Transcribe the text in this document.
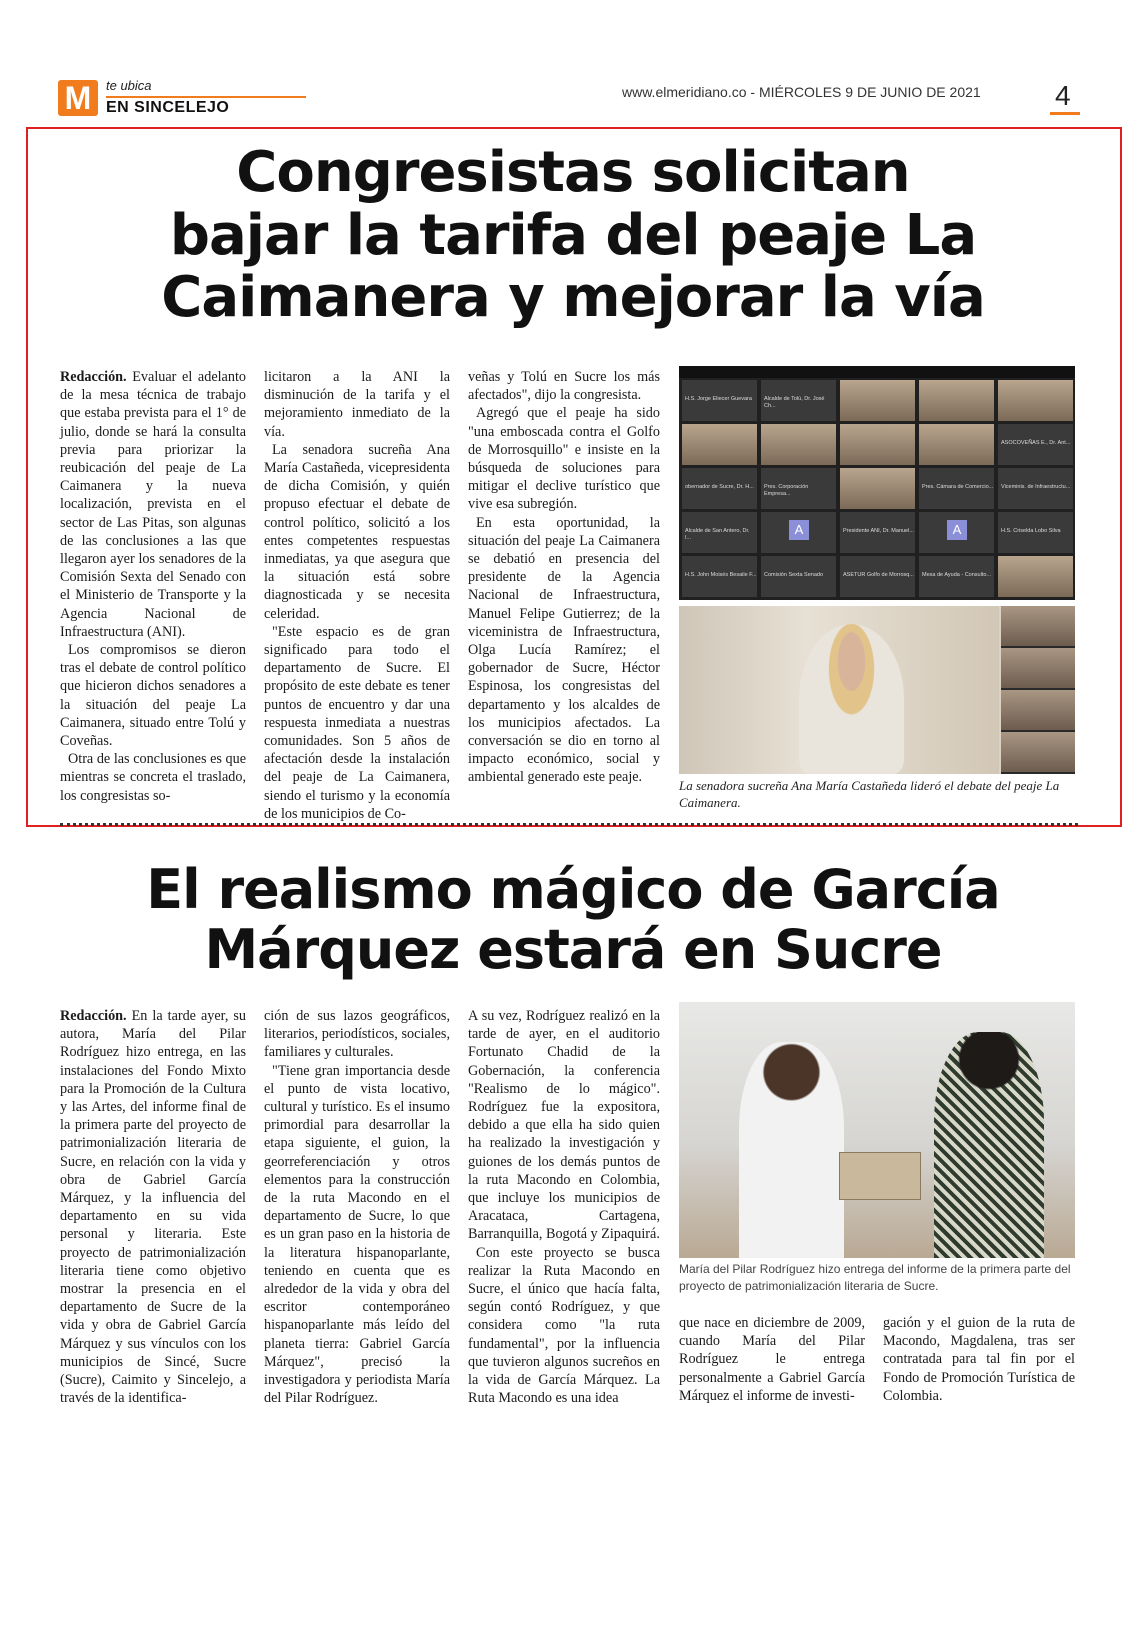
M	te ubica
EN SINCELEJO
www.elmeridiano.co - MIÉRCOLES 9 DE JUNIO DE 2021	4
Congresistas solicitan
bajar la tarifa del peaje La
Caimanera y mejorar la vía

Redacción. Evaluar el adelanto de la mesa técnica de trabajo que estaba prevista para el 1° de julio, donde se hará la consulta previa para priorizar la reubicación del peaje de La Caimanera y la nueva localización, prevista en el sector de Las Pitas, son algunas de las conclusiones a las que llegaron ayer los senadores de la Comisión Sexta del Senado con el Ministerio de Transporte y la Agencia Nacional de Infraestructura (ANI).

Los compromisos se dieron tras el debate de control político que hicieron dichos senadores a la situación del peaje La Caimanera, situado entre Tolú y Coveñas.

Otra de las conclusiones es que mientras se concreta el traslado, los congresistas so-

licitaron a la ANI la disminución de la tarifa y el mejoramiento inmediato de la vía.

La senadora sucreña Ana María Castañeda, vicepresidenta de dicha Comisión, y quién propuso efectuar el debate de control político, solicitó a los entes competentes respuestas inmediatas, ya que asegura que la situación está sobre diagnosticada y se necesita celeridad.

"Este espacio es de gran significado para todo el departamento de Sucre. El propósito de este debate es tener puntos de encuentro y dar una respuesta inmediata a nuestras comunidades. Son 5 años de afectación desde la instalación del peaje de La Caimanera, siendo el turismo y la economía de los municipios de Co-

veñas y Tolú en Sucre los más afectados", dijo la congresista.

Agregó que el peaje ha sido "una emboscada contra el Golfo de Morrosquillo" e insiste en la búsqueda de soluciones para mitigar el declive turístico que vive esa subregión.

En esta oportunidad, la situación del peaje La Caimanera se debatió en presencia del presidente de la Agencia Nacional de Infraestructura, Manuel Felipe Gutierrez; de la viceministra de Infraestructura, Olga Lucía Ramírez; el gobernador de Sucre, Héctor Espinosa, los congresistas del departamento y los alcaldes de los municipios afectados. La conversación se dio en torno al impacto económico, social y ambiental generado este peaje.

H.S. Jorge Eliecer Guevara Alcalde de Tolú, Dr. José Ch...
ASOCOVEÑAS E., Dr. Ant...
obernador de Sucre, Dr. H... Pres. Corporación Empresa...
Pres. Cámara de Comercio... Viceminis. de Infraestructu...
Alcalde de San Antero, Dr. I...
A	Presidente ANI, Dr. Manuel...	A	H.S. Criselda Lobo Silva
H.S. John Moisés Besaile F... Comisión Sexta Senado	ASETUR Golfo de Morrosq... Mesa de Ayuda - Consulto...
La senadora sucreña Ana María Castañeda lideró el debate del peaje La Caimanera.
El realismo mágico de García
Márquez estará en Sucre

Redacción. En la tarde ayer, su autora, María del Pilar Rodríguez hizo entrega, en las instalaciones del Fondo Mixto para la Promoción de la Cultura y las Artes, del informe final de la primera parte del proyecto de patrimonialización literaria de Sucre, en relación con la vida y obra de Gabriel García Márquez, y la influencia del departamento en su vida personal y literaria. Este proyecto de patrimonialización literaria tiene como objetivo mostrar la presencia en el departamento de Sucre de la vida y obra de Gabriel García Márquez y sus vínculos con los municipios de Sincé, Sucre (Sucre), Caimito y Sincelejo, a través de la identifica-

ción de sus lazos geográficos, literarios, periodísticos, sociales, familiares y culturales.

"Tiene gran importancia desde el punto de vista locativo, cultural y turístico. Es el insumo primordial para desarrollar la etapa siguiente, el guion, la georreferenciación y otros elementos para la construcción de la ruta Macondo en el departamento de Sucre, lo que es un gran paso en la historia de la literatura hispanoparlante, teniendo en cuenta que es alrededor de la vida y obra del escritor contemporáneo hispanoparlante más leído del planeta tierra: Gabriel García Márquez", precisó la investigadora y periodista María del Pilar Rodríguez.

A su vez, Rodríguez realizó en la tarde de ayer, en el auditorio Fortunato Chadid de la Gobernación, la conferencia "Realismo de lo mágico". Rodríguez fue la expositora, debido a que ella ha sido quien ha realizado la investigación y guiones de los demás puntos de la ruta Macondo en Colombia, que incluye los municipios de Aracataca, Cartagena, Barranquilla, Bogotá y Zipaquirá.

Con este proyecto se busca realizar la Ruta Macondo en Sucre, el único que hacía falta, según contó Rodríguez, y que considera como "la ruta fundamental", por la influencia que tuvieron algunos sucreños en la vida de García Márquez. La Ruta Macondo es una idea

María del Pilar Rodríguez hizo entrega del informe de la primera parte del proyecto de patrimonialización literaria de Sucre.

que nace en diciembre de 2009, cuando María del Pilar Rodríguez le entrega personalmente a Gabriel García Márquez el informe de investi-

gación y el guion de la ruta de Macondo, Magdalena, tras ser contratada para tal fin por el Fondo de Promoción Turística de Colombia.
